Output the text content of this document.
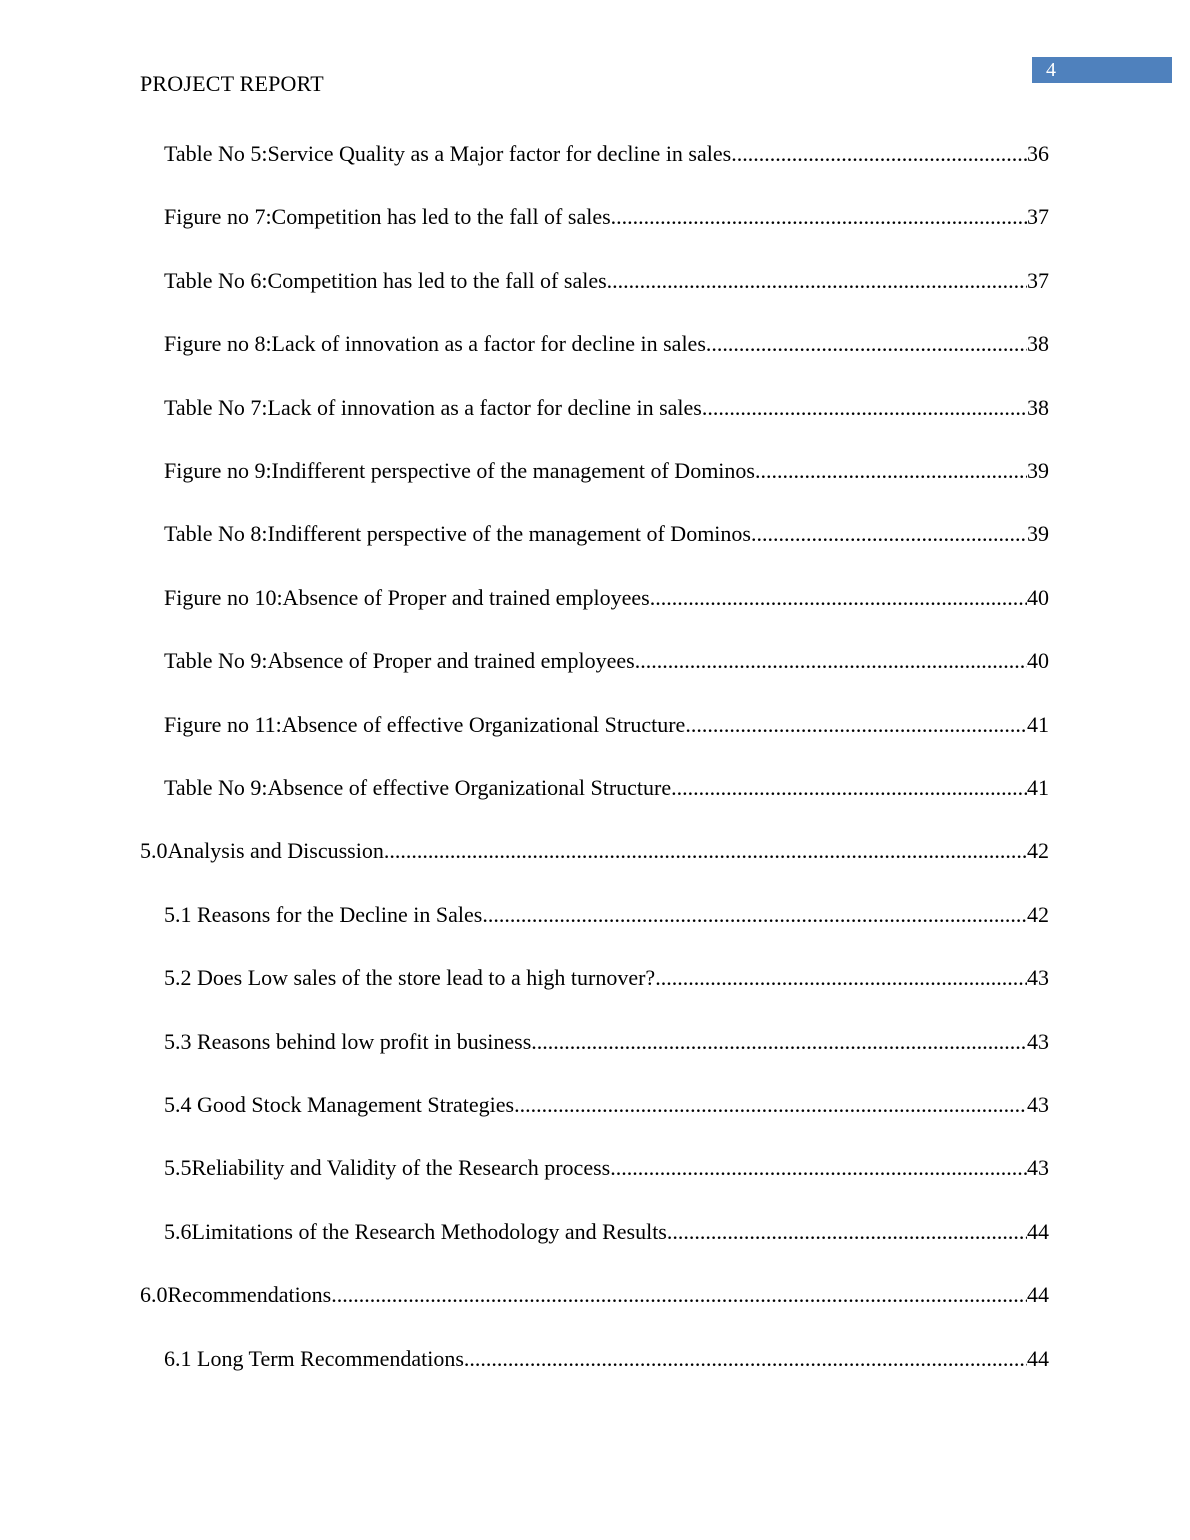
4
PROJECT REPORT
Table No 5:Service Quality as a Major factor for decline in sales .....	36
Figure no 7:Competition has led to the fall of sales .....	37
Table No 6:Competition has led to the fall of sales .....	37
Figure no 8:Lack of innovation as a factor for decline in sales .....	38
Table No 7:Lack of innovation as a factor for decline in sales .....	38
Figure no 9:Indifferent perspective of the management of Dominos .....	39
Table No 8:Indifferent perspective of the management of Dominos .....	39
Figure no 10:Absence of Proper and trained employees .....	40
Table No 9:Absence of Proper and trained employees .....	40
Figure no 11:Absence of effective Organizational Structure .....	41
Table No 9:Absence of effective Organizational Structure .....	41
5.0Analysis and Discussion .....	42
5.1 Reasons for the Decline in Sales .....	42
5.2 Does Low sales of the store lead to a high turnover? .....	43
5.3 Reasons behind low profit in business .....	43
5.4 Good Stock Management Strategies .....	43
5.5Reliability and Validity of the Research process .....	43
5.6Limitations of the Research Methodology and Results .....	44
6.0Recommendations .....	44
6.1 Long Term Recommendations .....	44
